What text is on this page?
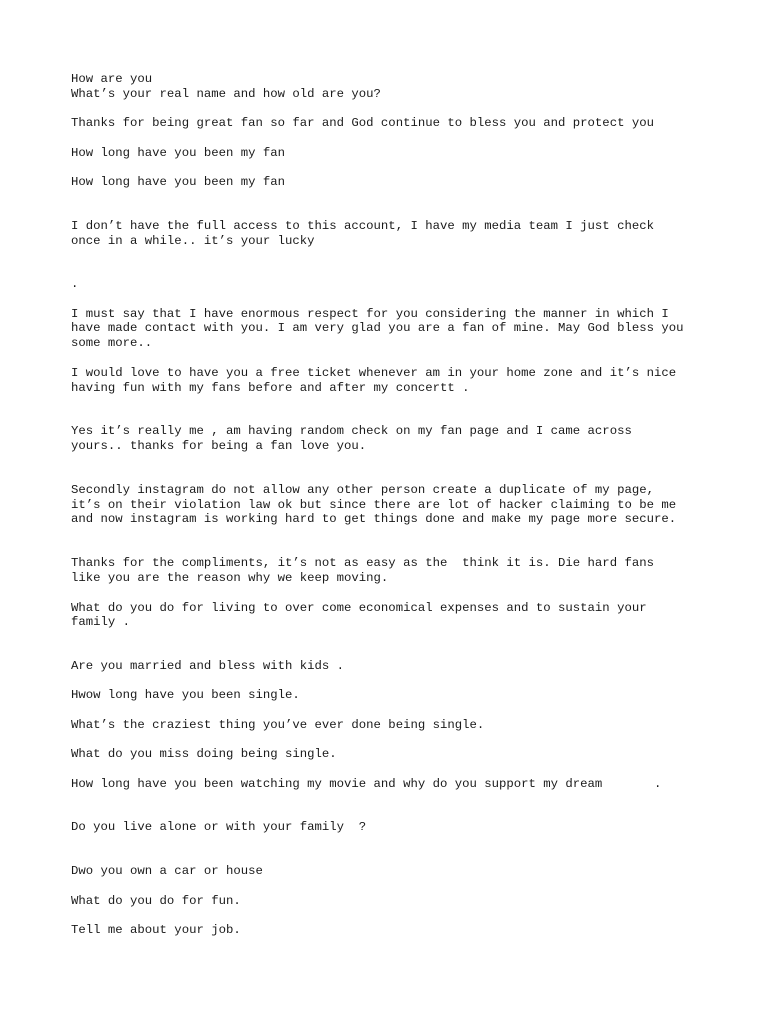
How are you

What’s your real name and how old are you?

Thanks for being great fan so far and God continue to bless you and protect you

How long have you been my fan

How long have you been my fan

I don’t have the full access to this account, I have my media team I just check

once in a while.. it’s your lucky

.

I must say that I have enormous respect for you considering the manner in which I

have made contact with you. I am very glad you are a fan of mine. May God bless you

some more..

I would love to have you a free ticket whenever am in your home zone and it’s nice

having fun with my fans before and after my concertt .

Yes it’s really me , am having random check on my fan page and I came across

yours.. thanks for being a fan love you.

Secondly instagram do not allow any other person create a duplicate of my page,

it’s on their violation law ok but since there are lot of hacker claiming to be me

and now instagram is working hard to get things done and make my page more secure.

Thanks for the compliments, it’s not as easy as the  think it is. Die hard fans

like you are the reason why we keep moving.

What do you do for living to over come economical expenses and to sustain your

family .

Are you married and bless with kids .

Hwow long have you been single.

What’s the craziest thing you’ve ever done being single.

What do you miss doing being single.

How long have you been watching my movie and why do you support my dream       .

Do you live alone or with your family  ?

Dwo you own a car or house

What do you do for fun.

Tell me about your job.
